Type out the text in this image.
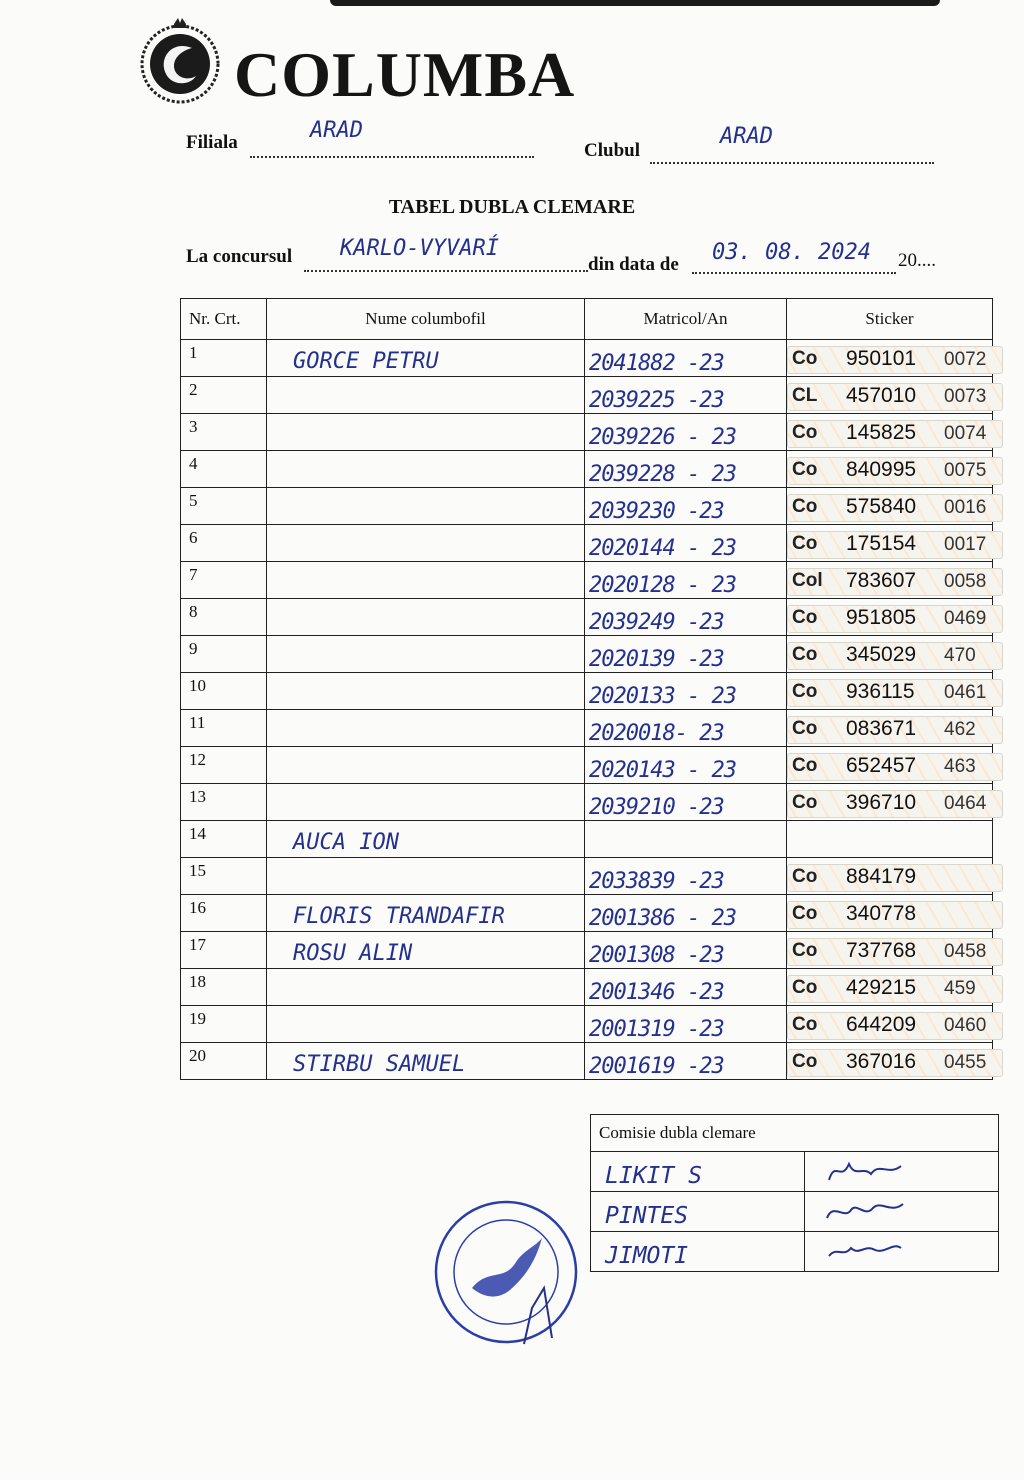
COLUMBA
Filiala	ARAD
Clubul
ARAD
TABEL DUBLA CLEMARE
La concursul KARLO-VYVARÍ
din data de 03. 08. 2024 20....
Nr. Crt.	Nume columbofil	Matricol/An	Sticker
1	GORCE PETRU	2041882 -23	Co 950101 0072

2		2039225 -23	CL 457010 0073

3		2039226 - 23	Co 145825 0074

4		2039228 - 23	Co 840995 0075

5		2039230 -23	Co 575840 0016

6		2020144 - 23	Co 175154 0017

7		2020128 - 23	Col 783607 0058

8		2039249 -23	Co 951805 0469

9		2020139 -23	Co 345029 470

10		2020133 - 23	Co 936115 0461

11		2020018- 23	Co 083671 462

12		2020143 - 23	Co 652457 463

13		2039210 -23	Co 396710 0464

14	AUCA ION		

15		2033839 -23	Co 884179

16	FLORIS TRANDAFIR	2001386 - 23	Co 340778

17	ROSU ALIN	2001308 -23	Co 737768 0458

18		2001346 -23	Co 429215 459

19		2001319 -23	Co 644209 0460

20	STIRBU SAMUEL	2001619 -23	Co 367016 0455
Comisie dubla clemare	

LIKIT S

PINTES

JIMOTI
